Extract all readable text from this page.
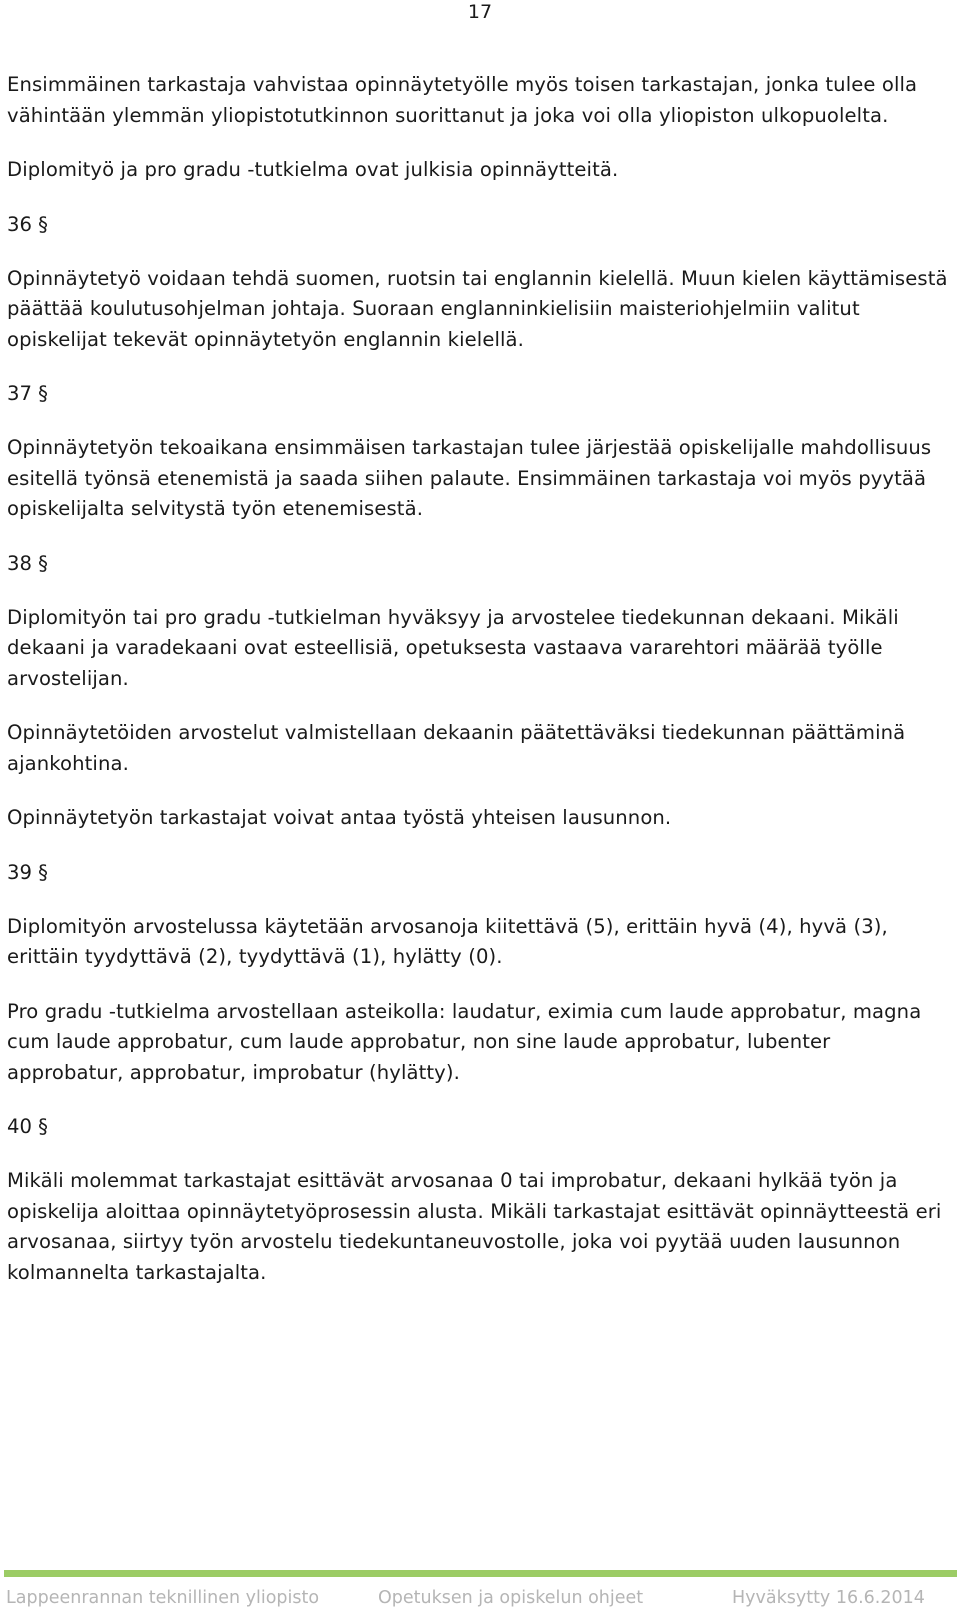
17

Ensimmäinen tarkastaja vahvistaa opinnäytetyölle myös toisen tarkastajan, jonka tulee olla vähintään ylemmän yliopistotutkinnon suorittanut ja joka voi olla yliopiston ulkopuolelta.

Diplomityö ja pro gradu -tutkielma ovat julkisia opinnäytteitä.

36 §

Opinnäytetyö voidaan tehdä suomen, ruotsin tai englannin kielellä. Muun kielen käyttämisestä päättää koulutusohjelman johtaja. Suoraan englanninkielisiin maisteriohjelmiin valitut opiskelijat tekevät opinnäytetyön englannin kielellä.

37 §

Opinnäytetyön tekoaikana ensimmäisen tarkastajan tulee järjestää opiskelijalle mahdollisuus esitellä työnsä etenemistä ja saada siihen palaute. Ensimmäinen tarkastaja voi myös pyytää opiskelijalta selvitystä työn etenemisestä.

38 §

Diplomityön tai pro gradu -tutkielman hyväksyy ja arvostelee tiedekunnan dekaani. Mikäli dekaani ja varadekaani ovat esteellisiä, opetuksesta vastaava vararehtori määrää työlle arvostelijan.

Opinnäytetöiden arvostelut valmistellaan dekaanin päätettäväksi tiedekunnan päättäminä ajankohtina.

Opinnäytetyön tarkastajat voivat antaa työstä yhteisen lausunnon.

39 §

Diplomityön arvostelussa käytetään arvosanoja kiitettävä (5), erittäin hyvä (4), hyvä (3), erittäin tyydyttävä (2), tyydyttävä (1), hylätty (0).

Pro gradu -tutkielma arvostellaan asteikolla: laudatur, eximia cum laude approbatur, magna cum laude approbatur, cum laude approbatur, non sine laude approbatur, lubenter approbatur, approbatur, improbatur (hylätty).

40 §

Mikäli molemmat tarkastajat esittävät arvosanaa 0 tai improbatur, dekaani hylkää työn ja opiskelija aloittaa opinnäytetyöprosessin alusta. Mikäli tarkastajat esittävät opinnäytteestä eri arvosanaa, siirtyy työn arvostelu tiedekuntaneuvostolle, joka voi pyytää uuden lausunnon kolmannelta tarkastajalta.

Lappeenrannan teknillinen yliopisto	Opetuksen ja opiskelun ohjeet	Hyväksytty 16.6.2014
